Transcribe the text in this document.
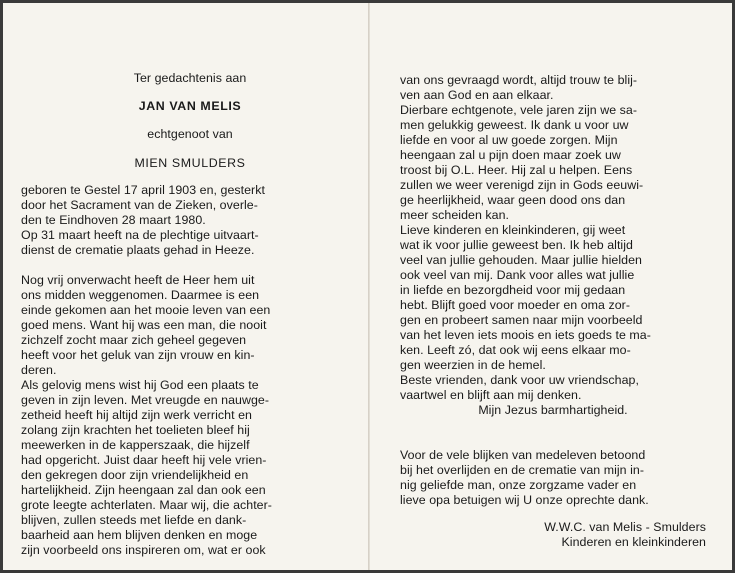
Ter gedachtenis aan
JAN VAN MELIS
echtgenoot van
MIEN SMULDERS
geboren te Gestel 17 april 1903 en, gesterkt
door het Sacrament van de Zieken, overle-
den te Eindhoven 28 maart 1980.
Op 31 maart heeft na de plechtige uitvaart-
dienst de crematie plaats gehad in Heeze.
Nog vrij onverwacht heeft de Heer hem uit
ons midden weggenomen. Daarmee is een
einde gekomen aan het mooie leven van een
goed mens. Want hij was een man, die nooit
zichzelf zocht maar zich geheel gegeven
heeft voor het geluk van zijn vrouw en kin-
deren.
Als gelovig mens wist hij God een plaats te
geven in zijn leven. Met vreugde en nauwge-
zetheid heeft hij altijd zijn werk verricht en
zolang zijn krachten het toelieten bleef hij
meewerken in de kapperszaak, die hijzelf
had opgericht. Juist daar heeft hij vele vrien-
den gekregen door zijn vriendelijkheid en
hartelijkheid. Zijn heengaan zal dan ook een
grote leegte achterlaten. Maar wij, die achter-
blijven, zullen steeds met liefde en dank-
baarheid aan hem blijven denken en moge
zijn voorbeeld ons inspireren om, wat er ook
van ons gevraagd wordt, altijd trouw te blij-
ven aan God en aan elkaar.
Dierbare echtgenote, vele jaren zijn we sa-
men gelukkig geweest. Ik dank u voor uw
liefde en voor al uw goede zorgen. Mijn
heengaan zal u pijn doen maar zoek uw
troost bij O.L. Heer. Hij zal u helpen. Eens
zullen we weer verenigd zijn in Gods eeuwi-
ge heerlijkheid, waar geen dood ons dan
meer scheiden kan.
Lieve kinderen en kleinkinderen, gij weet
wat ik voor jullie geweest ben. Ik heb altijd
veel van jullie gehouden. Maar jullie hielden
ook veel van mij. Dank voor alles wat jullie
in liefde en bezorgdheid voor mij gedaan
hebt. Blijft goed voor moeder en oma zor-
gen en probeert samen naar mijn voorbeeld
van het leven iets moois en iets goeds te ma-
ken. Leeft zó, dat ook wij eens elkaar mo-
gen weerzien in de hemel.
Beste vrienden, dank voor uw vriendschap,
vaartwel en blijft aan mij denken.
Mijn Jezus barmhartigheid.
Voor de vele blijken van medeleven betoond
bij het overlijden en de crematie van mijn in-
nig geliefde man, onze zorgzame vader en
lieve opa betuigen wij U onze oprechte dank.
W.W.C. van Melis - Smulders
Kinderen en kleinkinderen
